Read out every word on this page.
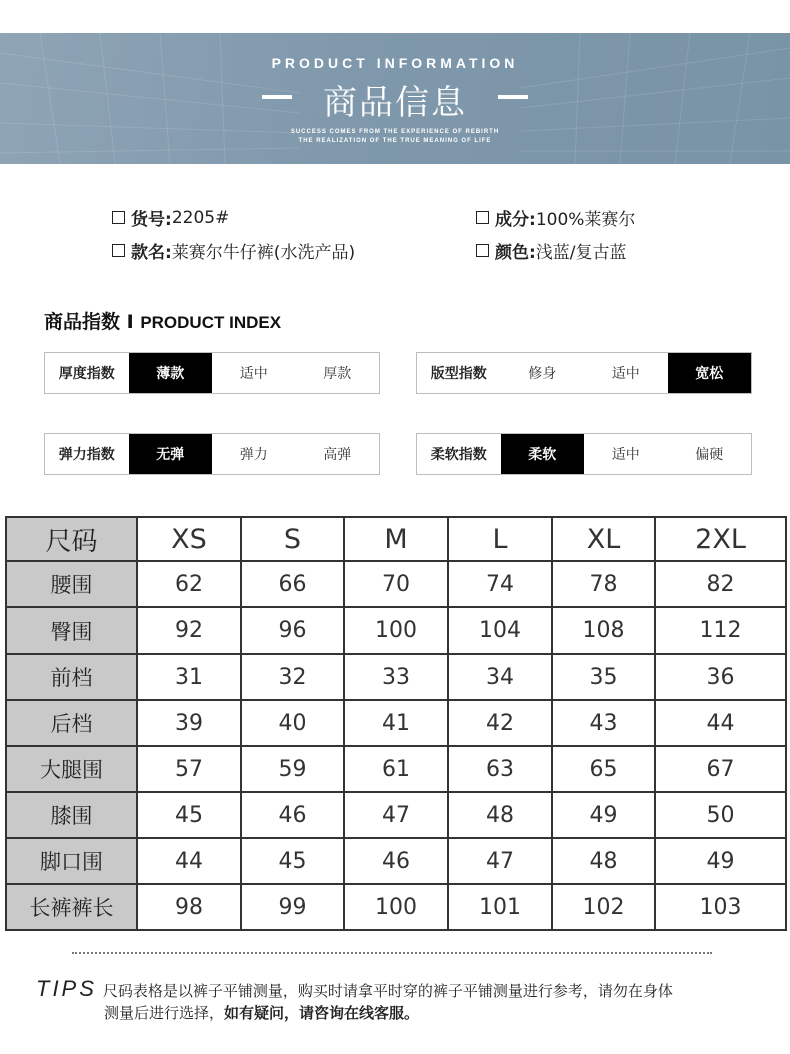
PRODUCT INFORMATION
商品信息
SUCCESS COMES FROM THE EXPERIENCE OF REBIRTH
THE REALIZATION OF THE TRUE MEANING OF LIFE
货号: 2205#
款名: 莱赛尔牛仔裤(水洗产品)
成分: 100%莱赛尔
颜色: 浅蓝/复古蓝
商品指数 I PRODUCT INDEX
厚度指数	薄款	适中	厚款	版型指数	修身	适中	宽松
弹力指数	无弹	弹力	高弹	柔软指数	柔软	适中	偏硬
尺码	XS	S	M	L	XL	2XL
腰围	62	66	70	74	78	82
臀围	92	96	100	104	108	112
前档	31	32	33	34	35	36
后档	39	40	41	42	43	44
大腿围	57	59	61	63	65	67
膝围	45	46	47	48	49	50
脚口围	44	45	46	47	48	49
长裤裤长	98	99	100	101	102	103
TIPS 尺码表格是以裤子平铺测量，购买时请拿平时穿的裤子平铺测量进行参考，请勿在身体
测量后进行选择，如有疑问，请咨询在线客服。
